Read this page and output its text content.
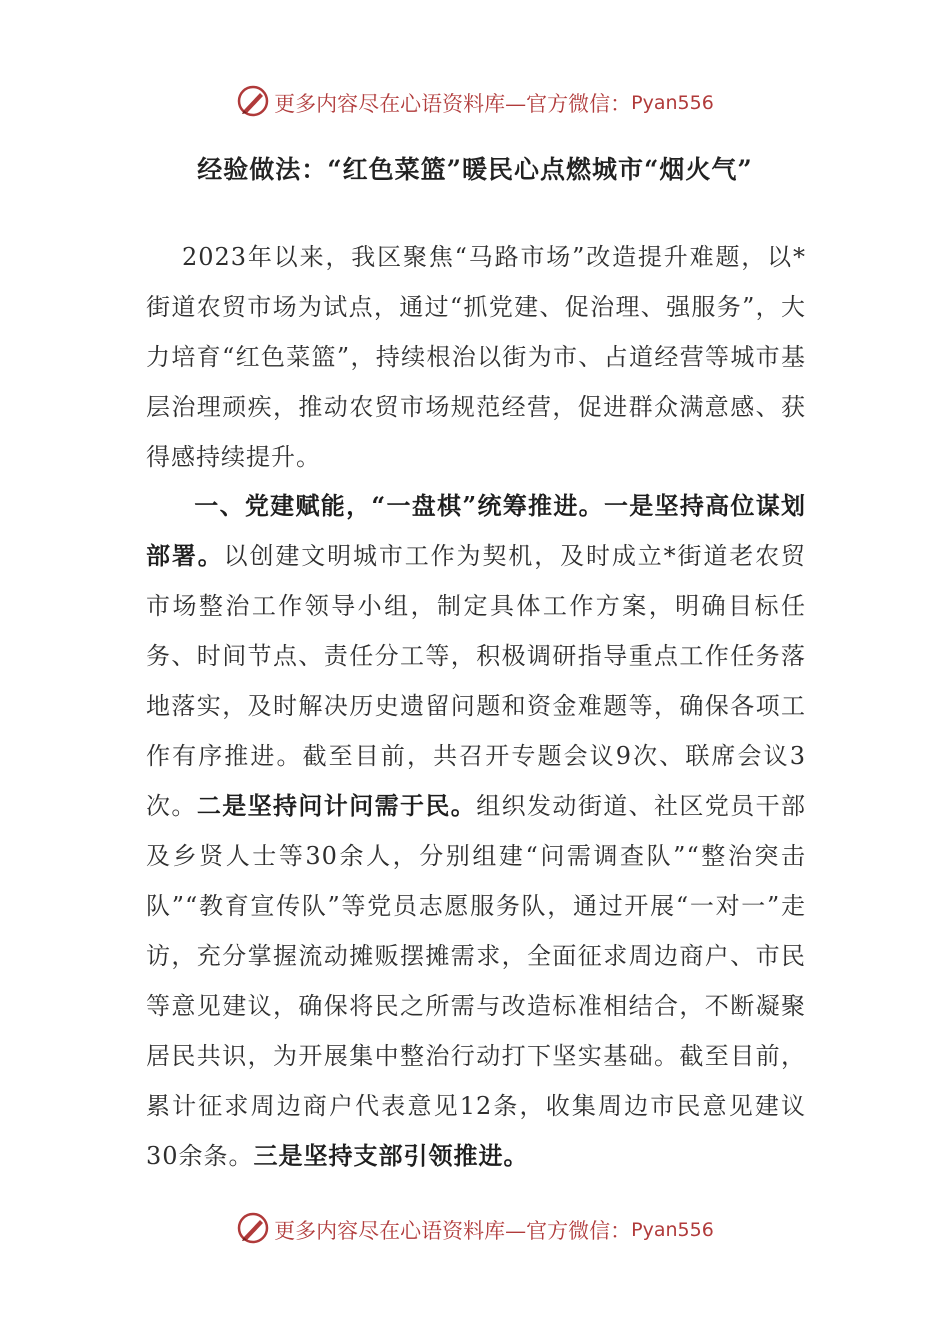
更多内容尽在心语资料库—官方微信： Pyan556
经验做法：“红色菜篮”暖民心点燃城市“烟火气”

2023年以来，我区聚焦“马路市场”改造提升难题，以*街道农贸市场为试点，通过“抓党建、促治理、强服务”，大力培育“红色菜篮”，持续根治以街为市、占道经营等城市基层治理顽疾，推动农贸市场规范经营，促进群众满意感、获得感持续提升。

一、党建赋能，“一盘棋”统筹推进。一是坚持高位谋划部署。以创建文明城市工作为契机，及时成立*街道老农贸市场整治工作领导小组，制定具体工作方案，明确目标任务、时间节点、责任分工等，积极调研指导重点工作任务落地落实，及时解决历史遗留问题和资金难题等，确保各项工作有序推进。截至目前，共召开专题会议9次、联席会议3次。二是坚持问计问需于民。组织发动街道、社区党员干部及乡贤人士等30余人，分别组建“问需调查队”“整治突击队”“教育宣传队”等党员志愿服务队，通过开展“一对一”走访，充分掌握流动摊贩摆摊需求，全面征求周边商户、市民等意见建议，确保将民之所需与改造标准相结合，不断凝聚居民共识，为开展集中整治行动打下坚实基础。截至目前，累计征求周边商户代表意见12条，收集周边市民意见建议30余条。三是坚持支部引领推进。

更多内容尽在心语资料库—官方微信： Pyan556
